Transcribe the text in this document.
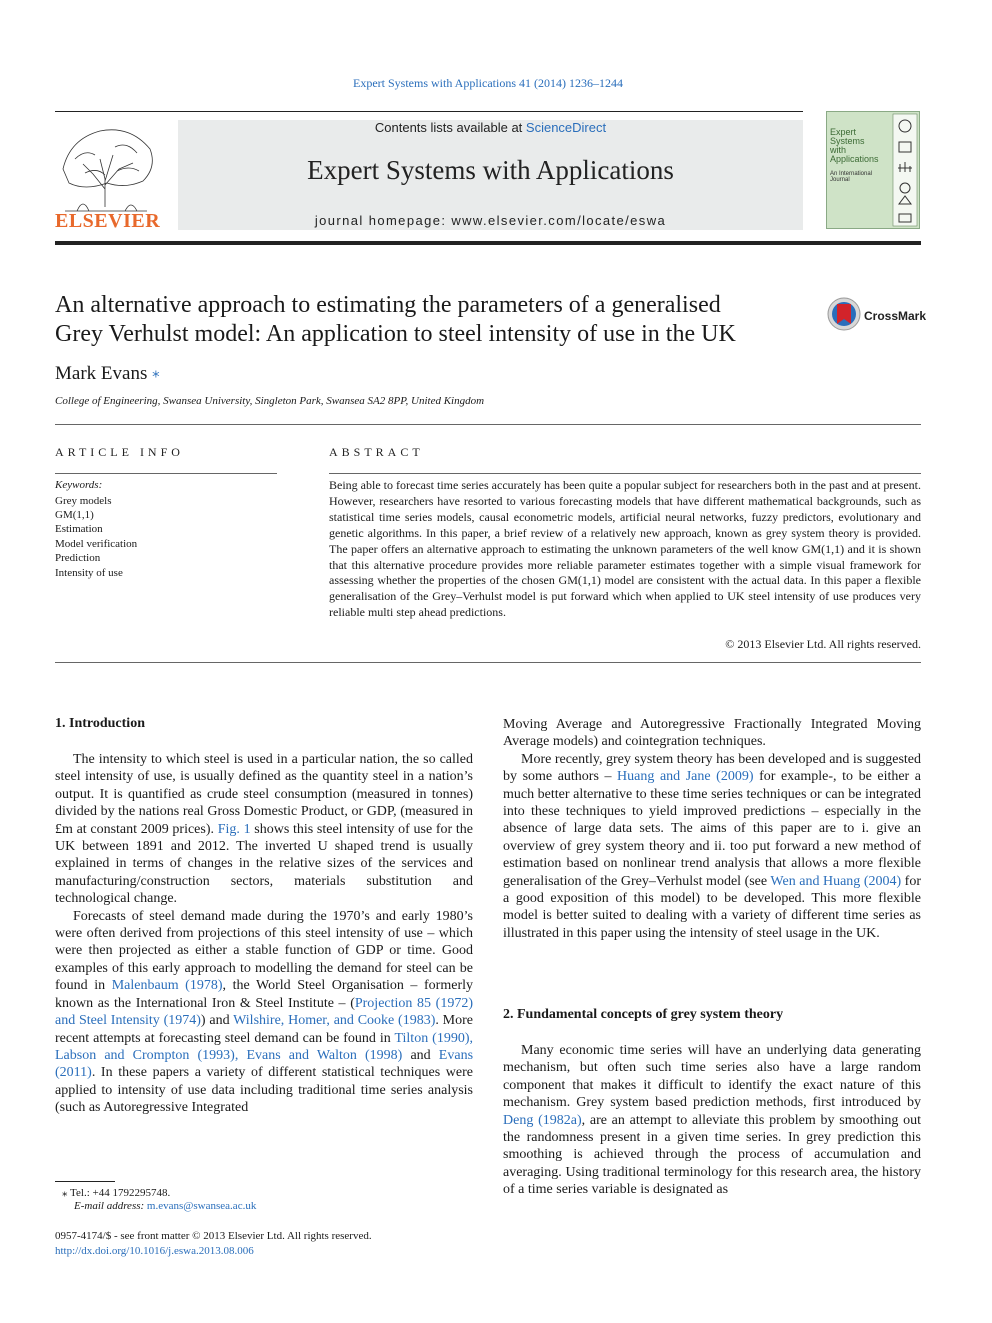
Expert Systems with Applications 41 (2014) 1236–1244
ELSEVIER
Contents lists available at ScienceDirect
Expert Systems with Applications
journal homepage: www.elsevier.com/locate/eswa
Expert
Systems
with
Applications
An International
Journal
An alternative approach to estimating the parameters of a generalised
Grey Verhulst model: An application to steel intensity of use in the UK
CrossMark
Mark Evans ⁎
College of Engineering, Swansea University, Singleton Park, Swansea SA2 8PP, United Kingdom
ARTICLE INFO	ABSTRACT
Keywords:
Grey models
GM(1,1)
Estimation
Model verification
Prediction
Intensity of use

Being able to forecast time series accurately has been quite a popular subject for researchers both in the past and at present. However, researchers have resorted to various forecasting models that have different mathematical backgrounds, such as statistical time series models, causal econometric models, artificial neural networks, fuzzy predictors, evolutionary and genetic algorithms. In this paper, a brief review of a relatively new approach, known as grey system theory is provided. The paper offers an alternative approach to estimating the unknown parameters of the well know GM(1,1) and it is shown that this alternative procedure provides more reliable parameter estimates together with a simple visual framework for assessing whether the properties of the chosen GM(1,1) model are consistent with the actual data. In this paper a flexible generalisation of the Grey–Verhulst model is put forward which when applied to UK steel intensity of use produces very reliable multi step ahead predictions.

© 2013 Elsevier Ltd. All rights reserved.
1. Introduction

The intensity to which steel is used in a particular nation, the so called steel intensity of use, is usually defined as the quantity steel in a nation’s output. It is quantified as crude steel consumption (measured in tonnes) divided by the nations real Gross Domestic Product, or GDP, (measured in £m at constant 2009 prices). Fig. 1 shows this steel intensity of use for the UK between 1891 and 2012. The inverted U shaped trend is usually explained in terms of changes in the relative sizes of the services and manufacturing/construction sectors, materials substitution and technological change.

Forecasts of steel demand made during the 1970’s and early 1980’s were often derived from projections of this steel intensity of use – which were then projected as either a stable function of GDP or time. Good examples of this early approach to modelling the demand for steel can be found in Malenbaum (1978), the World Steel Organisation – formerly known as the International Iron & Steel Institute – (Projection 85 (1972) and Steel Intensity (1974)) and Wilshire, Homer, and Cooke (1983). More recent attempts at forecasting steel demand can be found in Tilton (1990), Labson and Crompton (1993), Evans and Walton (1998) and Evans (2011). In these papers a variety of different statistical techniques were applied to intensity of use data including traditional time series analysis (such as Autoregressive Integrated

Moving Average and Autoregressive Fractionally Integrated Moving Average models) and cointegration techniques.

More recently, grey system theory has been developed and is suggested by some authors – Huang and Jane (2009) for example-, to be either a much better alternative to these time series techniques or can be integrated into these techniques to yield improved predictions – especially in the absence of large data sets. The aims of this paper are to i. give an overview of grey system theory and ii. too put forward a new method of estimation based on nonlinear trend analysis that allows a more flexible generalisation of the Grey–Verhulst model (see Wen and Huang (2004) for a good exposition of this model) to be developed. This more flexible model is better suited to dealing with a variety of different time series as illustrated in this paper using the intensity of steel usage in the UK.

2. Fundamental concepts of grey system theory

Many economic time series will have an underlying data generating mechanism, but often such time series also have a large random component that makes it difficult to identify the exact nature of this mechanism. Grey system based prediction methods, first introduced by Deng (1982a), are an attempt to alleviate this problem by smoothing out the randomness present in a given time series. In grey prediction this smoothing is achieved through the process of accumulation and averaging. Using traditional terminology for this research area, the history of a time series variable is designated as

⁎ Tel.: +44 1792295748.
E-mail address: m.evans@swansea.ac.uk
0957-4174/$ - see front matter © 2013 Elsevier Ltd. All rights reserved.
http://dx.doi.org/10.1016/j.eswa.2013.08.006
